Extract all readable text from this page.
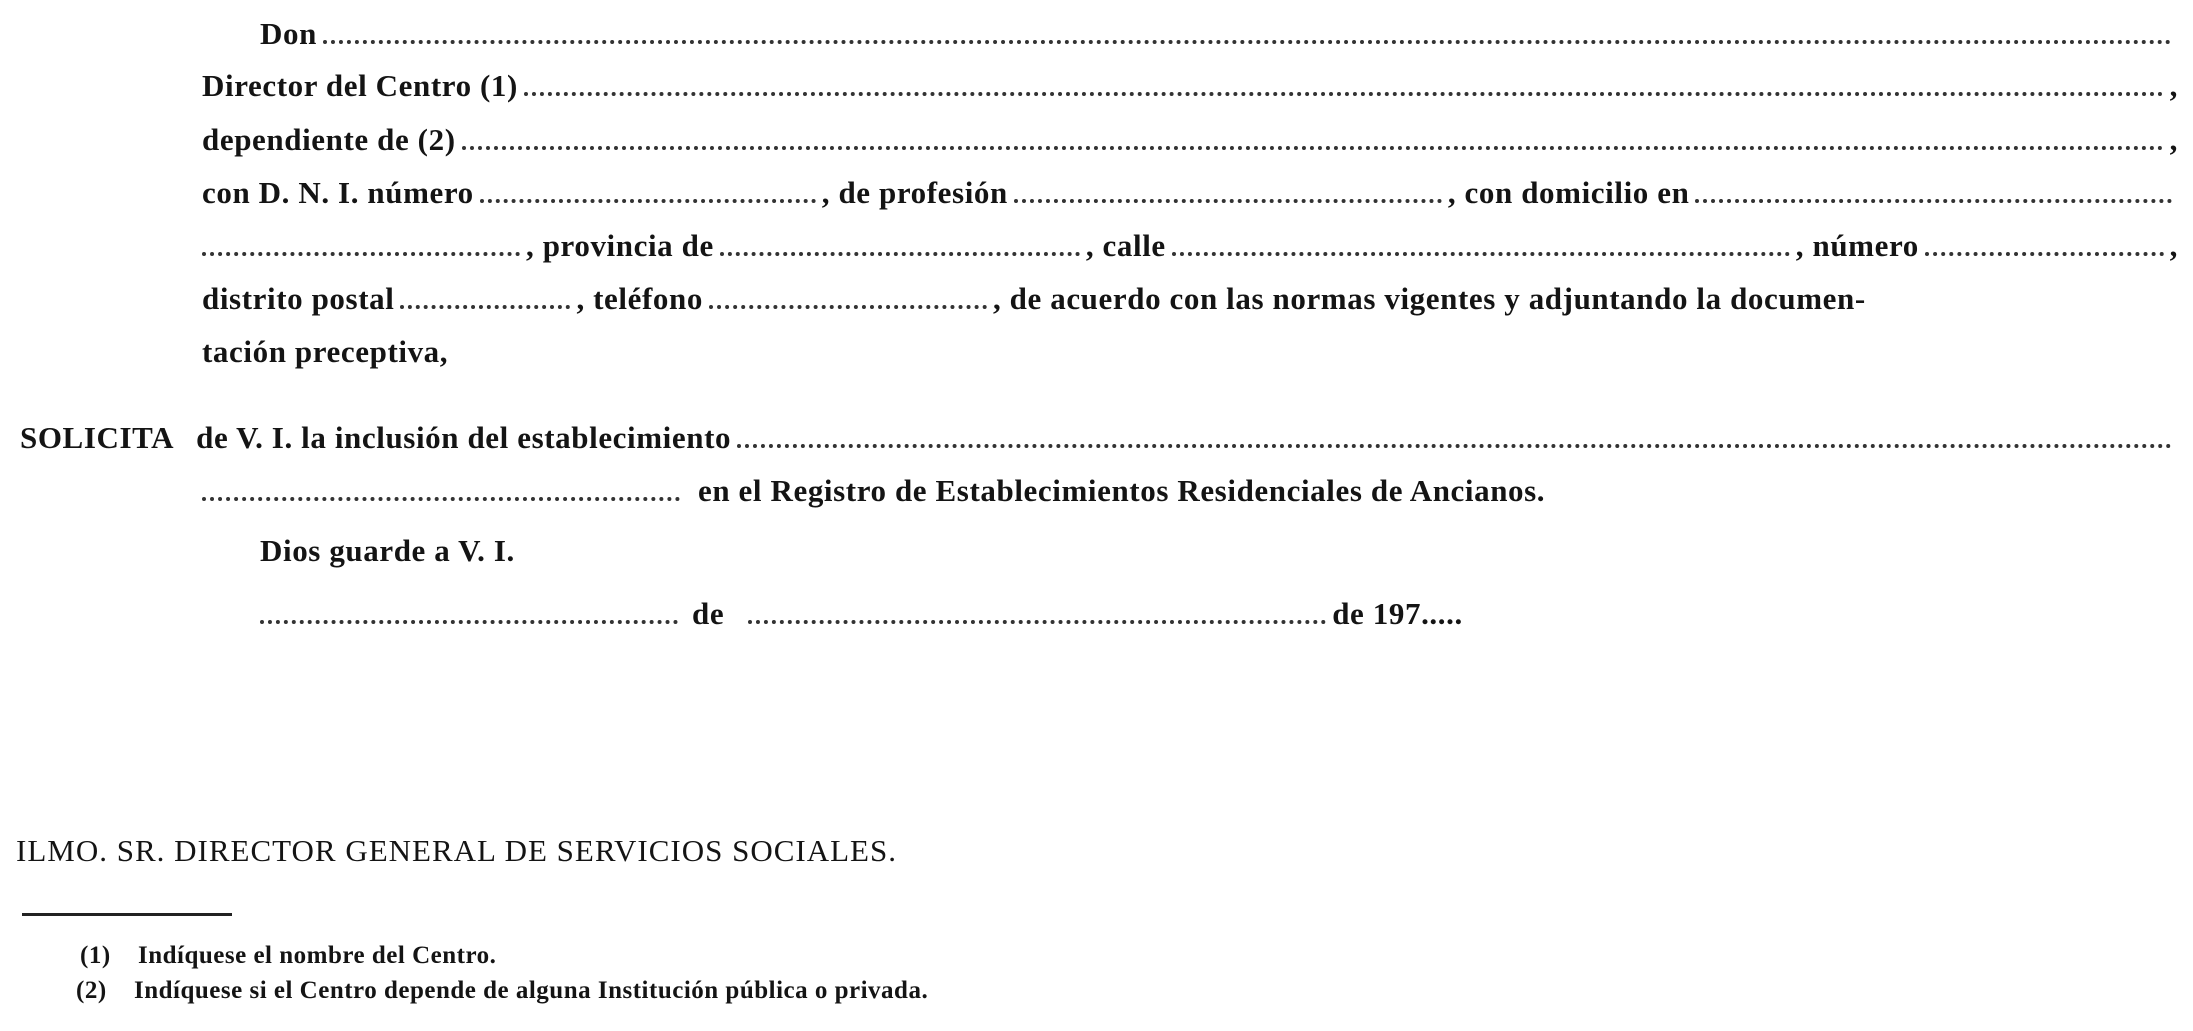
Don
Director del Centro (1)	,
dependiente de (2)	,
con D. N. I. número	, de profesión	, con domicilio en
, provincia de	, calle	, número	,
distrito postal	, teléfono	, de acuerdo con las normas vigentes y adjuntando la documen-
tación preceptiva,
SOLICITA de V. I. la inclusión del establecimiento
en el Registro de Establecimientos Residenciales de Ancianos.
Dios guarde a V. I.
de	de 197 .....
ILMO. SR. DIRECTOR GENERAL DE SERVICIOS SOCIALES.
(1) Indíquese el nombre del Centro.
(2) Indíquese si el Centro depende de alguna Institución pública o privada.
